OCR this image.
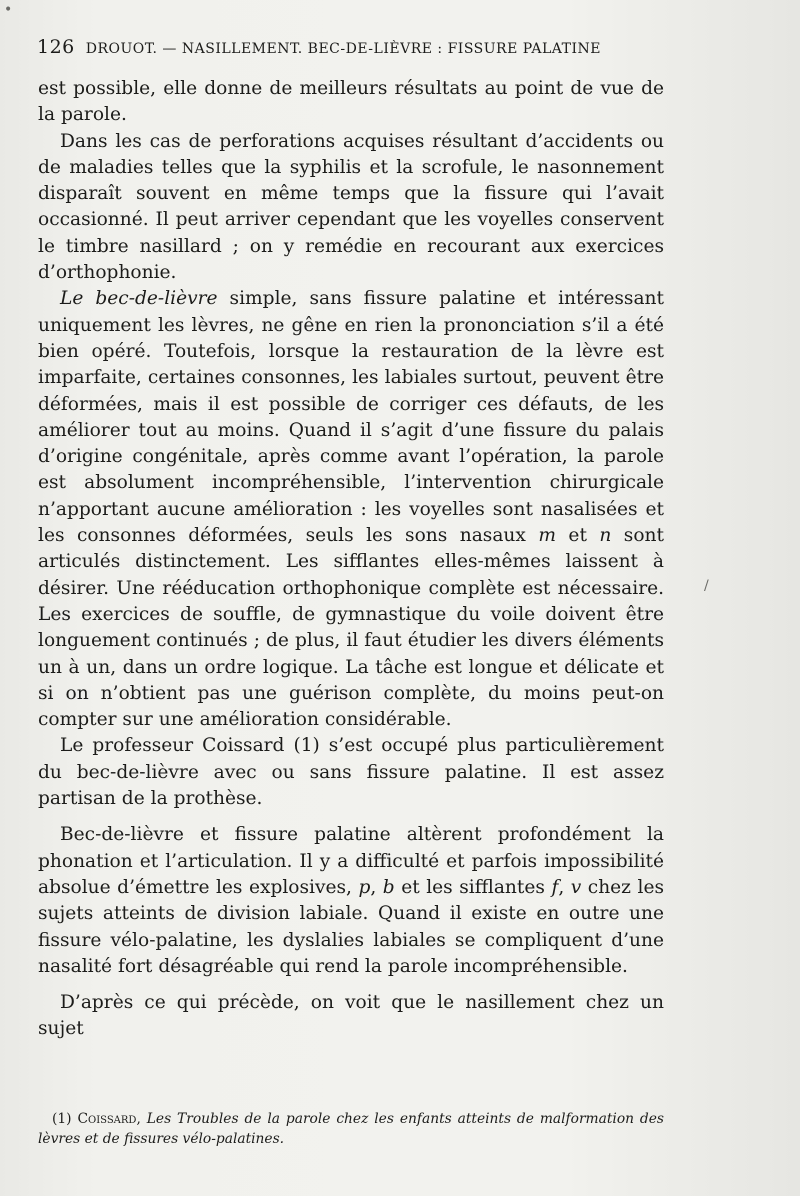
126 DROUOT. — NASILLEMENT. BEC-DE-LIÈVRE : FISSURE PALATINE

est possible, elle donne de meilleurs résultats au point de vue de la parole.

Dans les cas de perforations acquises résultant d’accidents ou de maladies telles que la syphilis et la scrofule, le nasonnement disparaît souvent en même temps que la fissure qui l’avait occasionné. Il peut arriver cependant que les voyelles conservent le timbre nasillard ; on y remédie en recourant aux exercices d’orthophonie.

Le bec-de-lièvre simple, sans fissure palatine et intéressant uniquement les lèvres, ne gêne en rien la prononciation s’il a été bien opéré. Toutefois, lorsque la restauration de la lèvre est imparfaite, certaines consonnes, les labiales surtout, peuvent être déformées, mais il est possible de corriger ces défauts, de les améliorer tout au moins. Quand il s’agit d’une fissure du palais d’origine congénitale, après comme avant l’opération, la parole est absolument incompréhensible, l’intervention chirurgicale n’apportant aucune amélioration : les voyelles sont nasalisées et les consonnes déformées, seuls les sons nasaux m et n sont articulés distinctement. Les sifflantes elles-mêmes laissent à désirer. Une rééducation orthophonique complète est nécessaire. Les exercices de souffle, de gymnastique du voile doivent être longuement continués ; de plus, il faut étudier les divers éléments un à un, dans un ordre logique. La tâche est longue et délicate et si on n’obtient pas une guérison complète, du moins peut-on compter sur une amélioration considérable.

Le professeur Coissard (1) s’est occupé plus particulièrement du bec-de-lièvre avec ou sans fissure palatine. Il est assez partisan de la prothèse.

Bec-de-lièvre et fissure palatine altèrent profondément la phonation et l’articulation. Il y a difficulté et parfois impossibilité absolue d’émettre les explosives, p, b et les sifflantes f, v chez les sujets atteints de division labiale. Quand il existe en outre une fissure vélo-palatine, les dyslalies labiales se compliquent d’une nasalité fort désagréable qui rend la parole incompréhensible.

D’après ce qui précède, on voit que le nasillement chez un sujet

(1) Coissard, Les Troubles de la parole chez les enfants atteints de malformation des lèvres et de fissures vélo-palatines.

•
/
